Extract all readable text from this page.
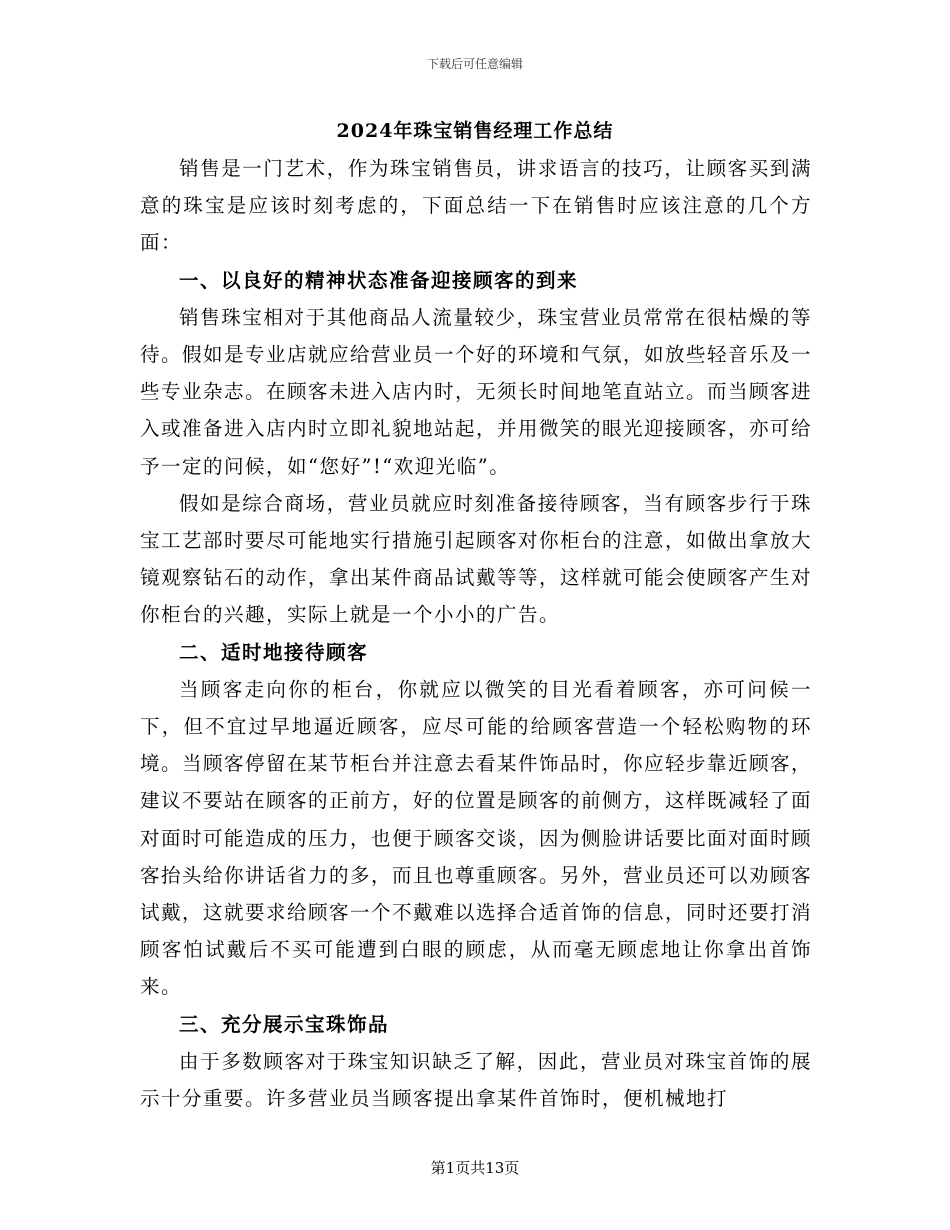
下载后可任意编辑
2024年珠宝销售经理工作总结

销售是一门艺术，作为珠宝销售员，讲求语言的技巧，让顾客买到满意的珠宝是应该时刻考虑的，下面总结一下在销售时应该注意的几个方面：

一、以良好的精神状态准备迎接顾客的到来

销售珠宝相对于其他商品人流量较少，珠宝营业员常常在很枯燥的等待。假如是专业店就应给营业员一个好的环境和气氛，如放些轻音乐及一些专业杂志。在顾客未进入店内时，无须长时间地笔直站立。而当顾客进入或准备进入店内时立即礼貌地站起，并用微笑的眼光迎接顾客，亦可给予一定的问候，如“您好”!“欢迎光临”。

假如是综合商场，营业员就应时刻准备接待顾客，当有顾客步行于珠宝工艺部时要尽可能地实行措施引起顾客对你柜台的注意，如做出拿放大镜观察钻石的动作，拿出某件商品试戴等等，这样就可能会使顾客产生对你柜台的兴趣，实际上就是一个小小的广告。

二、适时地接待顾客

当顾客走向你的柜台，你就应以微笑的目光看着顾客，亦可问候一下，但不宜过早地逼近顾客，应尽可能的给顾客营造一个轻松购物的环境。当顾客停留在某节柜台并注意去看某件饰品时，你应轻步靠近顾客，建议不要站在顾客的正前方，好的位置是顾客的前侧方，这样既减轻了面对面时可能造成的压力，也便于顾客交谈，因为侧脸讲话要比面对面时顾客抬头给你讲话省力的多，而且也尊重顾客。另外，营业员还可以劝顾客试戴，这就要求给顾客一个不戴难以选择合适首饰的信息，同时还要打消顾客怕试戴后不买可能遭到白眼的顾虑，从而毫无顾虑地让你拿出首饰来。

三、充分展示宝珠饰品

由于多数顾客对于珠宝知识缺乏了解，因此，营业员对珠宝首饰的展示十分重要。许多营业员当顾客提出拿某件首饰时，便机械地打

第1页共13页
